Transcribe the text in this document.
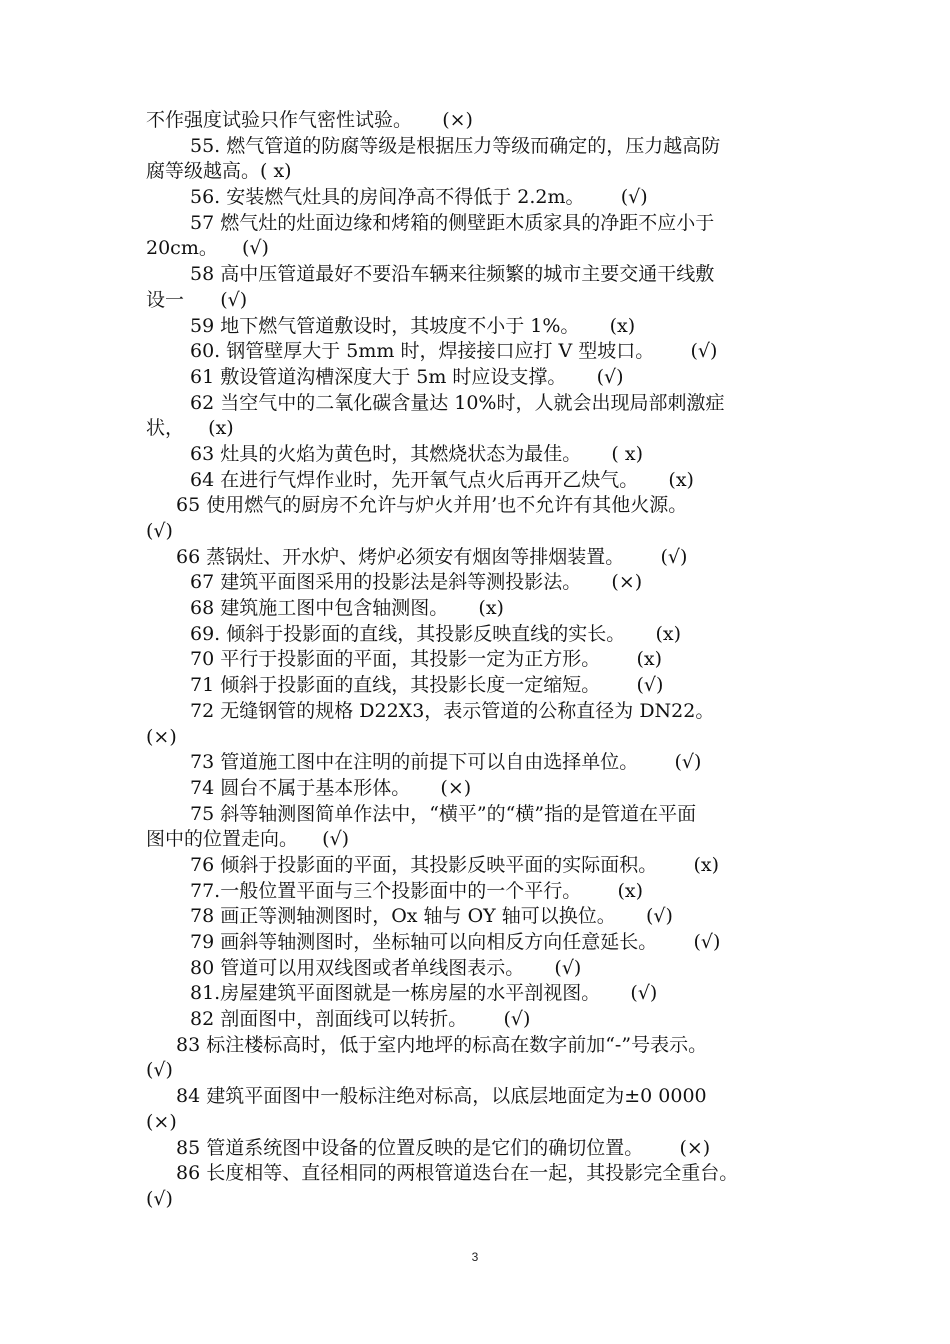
不作强度试验只作气密性试验。     (×)
55. 燃气管道的防腐等级是根据压力等级而确定的，压力越高防
腐等级越高。( x)
56. 安装燃气灶具的房间净高不得低于 2.2m。      (√)
57 燃气灶的灶面边缘和烤箱的侧壁距木质家具的净距不应小于
20cm。    (√)
58 高中压管道最好不要沿车辆来往频繁的城市主要交通干线敷
设一      (√)
59 地下燃气管道敷设时，其坡度不小于 1%。     (x)
60. 钢管壁厚大于 5mm 时，焊接接口应打 V 型坡口。      (√)
61 敷设管道沟槽深度大于 5m 时应设支撑。     (√)
62 当空气中的二氧化碳含量达 10%时，人就会出现局部刺激症
状，    (x)
63 灶具的火焰为黄色时，其燃烧状态为最佳。     ( x)
64 在进行气焊作业时，先开氧气点火后再开乙炔气。     (x)
65 使用燃气的厨房不允许与炉火并用’也不允许有其他火源。
(√)
66 蒸锅灶、开水炉、烤炉必须安有烟囱等排烟装置。      (√)
67 建筑平面图采用的投影法是斜等测投影法。     (×)
68 建筑施工图中包含轴测图。     (x)
69. 倾斜于投影面的直线，其投影反映直线的实长。     (x)
70 平行于投影面的平面，其投影一定为正方形。      (x)
71 倾斜于投影面的直线，其投影长度一定缩短。      (√)
72 无缝钢管的规格 D22X3，表示管道的公称直径为 DN22。
(×)
73 管道施工图中在注明的前提下可以自由选择单位。      (√)
74 圆台不属于基本形体。     (×)
75 斜等轴测图简单作法中，“横平”的“横”指的是管道在平面
图中的位置走向。    (√)
76 倾斜于投影面的平面，其投影反映平面的实际面积。      (x)
77.一般位置平面与三个投影面中的一个平行。      (x)
78 画正等测轴测图时，Ox 轴与 OY 轴可以换位。     (√)
79 画斜等轴测图时，坐标轴可以向相反方向任意延长。      (√)
80 管道可以用双线图或者单线图表示。     (√)
81.房屋建筑平面图就是一栋房屋的水平剖视图。     (√)
82 剖面图中，剖面线可以转折。      (√)
83 标注楼标高时，低于室内地坪的标高在数字前加“-”号表示。
(√)
84 建筑平面图中一般标注绝对标高，以底层地面定为±0 0000
(×)
85 管道系统图中设备的位置反映的是它们的确切位置。      (×)
86 长度相等、直径相同的两根管道迭台在一起，其投影完全重台。
(√)
3
